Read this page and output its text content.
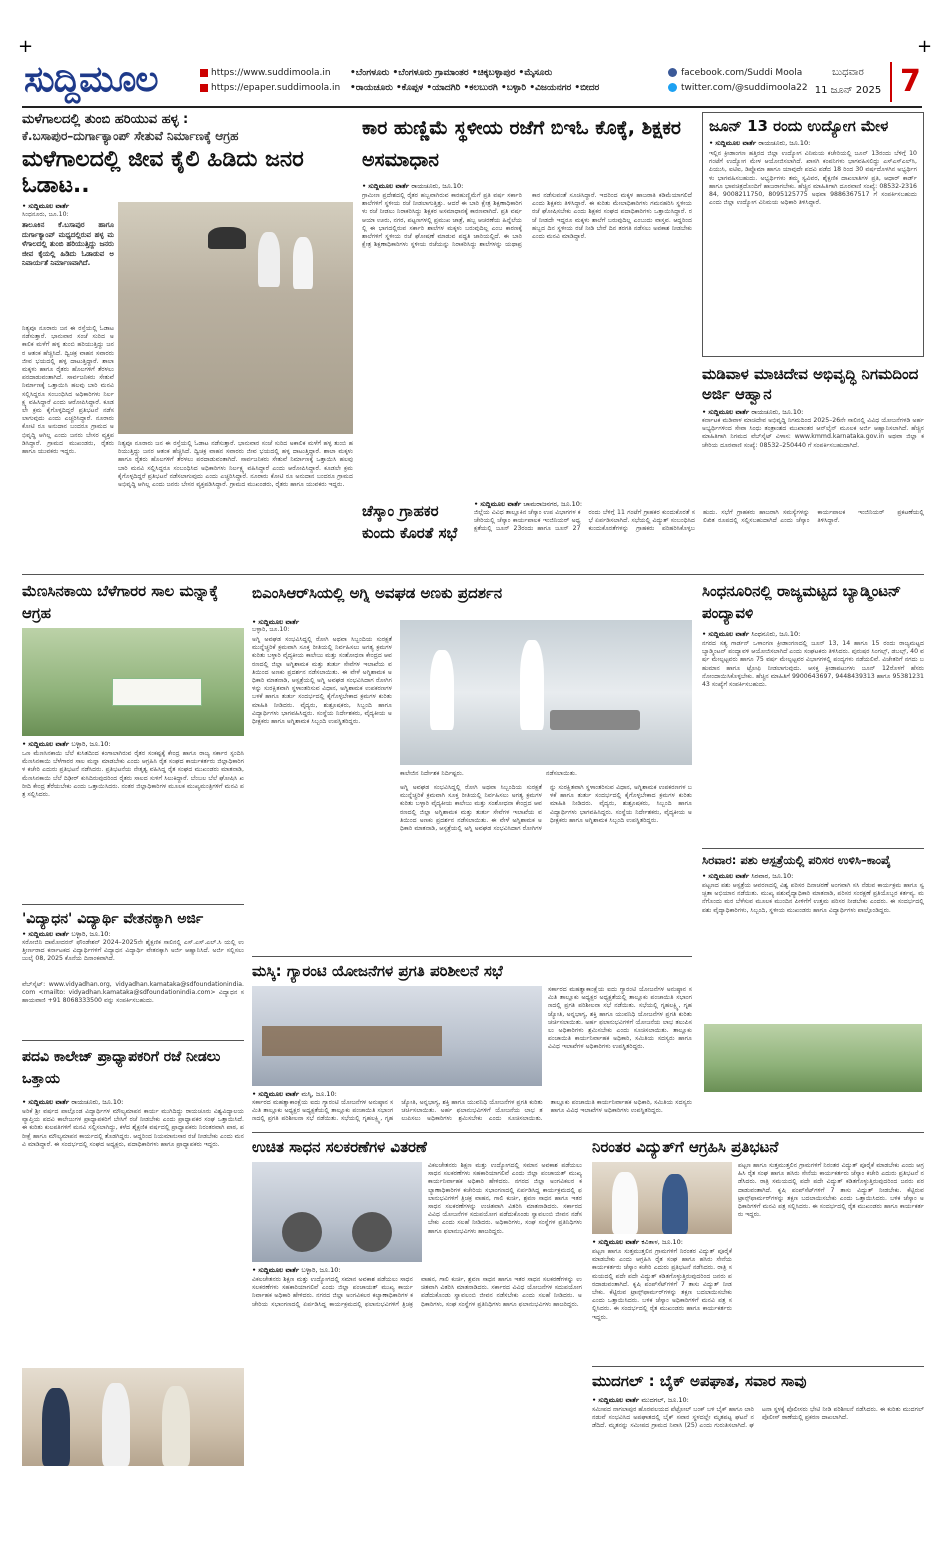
+	+
ಸುದ್ದಿಮೂಲ	https://www.suddimoola.in
https://epaper.suddimoola.in
•ಬೆಂಗಳೂರು •ಬೆಂಗಳೂರು ಗ್ರಾಮಾಂತರ •ಚಿಕ್ಕಬಳ್ಳಾಪುರ •ಮೈಸೂರು
•ರಾಯಚೂರು •ಕೊಪ್ಪಳ •ಯಾದಗಿರಿ •ಕಲಬುರಗಿ •ಬಳ್ಳಾರಿ •ವಿಜಯನಗರ •ಬೀದರ
facebook.com/Suddi Moola
twitter.com/@suddimoola22
ಬುಧವಾರ
11 ಜೂನ್ 2025 7
ಮಳೆಗಾಲದಲ್ಲಿ ತುಂಬಿ ಹರಿಯುವ ಹಳ್ಳ :
ಕೆ.ಬಸಾಪುರ–ದುರ್ಗಾಕ್ಯಾಂಪ್ ಸೇತುವೆ ನಿರ್ಮಾಣಕ್ಕೆ ಆಗ್ರಹ
ಮಳೆಗಾಲದಲ್ಲಿ ಜೀವ ಕೈಲಿ ಹಿಡಿದು ಜನರ ಓಡಾಟ..
• ಸುದ್ದಿಮೂಲ ವಾರ್ತೆ
ಸಿಂಧನೂರು, ಜೂ.10:
ತಾಲೂಕಿನ ಕೆ.ಬಸಾಪುರ ಹಾಗೂ ದುರ್ಗಾಕ್ಯಾಂಪ್ ಮಧ್ಯದಲ್ಲಿರುವ ಹಳ್ಳ ಮಳೆಗಾಲದಲ್ಲಿ ತುಂಬಿ ಹರಿಯುತ್ತಿದ್ದು ಜನರು ಜೀವ ಕೈಯಲ್ಲಿ ಹಿಡಿದು ಓಡಾಡುವ ಅನಿವಾರ್ಯತೆ ನಿರ್ಮಾಣವಾಗಿದೆ.
ನಿತ್ಯವೂ ನೂರಾರು ಜನ ಈ ರಸ್ತೆಯಲ್ಲಿ ಓಡಾಟ ನಡೆಸುತ್ತಾರೆ. ಭಾನುವಾರ ಸಂಜೆ ಸುರಿದ ಅಕಾಲಿಕ ಮಳೆಗೆ ಹಳ್ಳ ತುಂಬಿ ಹರಿಯುತ್ತಿದ್ದು ಜನರ ಆತಂಕ ಹೆಚ್ಚಿಸಿದೆ. ದ್ವಿಚಕ್ರ ವಾಹನ ಸವಾರರು ಜೀವ ಭಯದಲ್ಲಿ ಹಳ್ಳ ದಾಟುತ್ತಿದ್ದಾರೆ. ಶಾಲಾ ಮಕ್ಕಳು ಹಾಗೂ ರೈತರು ಹೊಲಗಳಿಗೆ ತೆರಳಲು ಪರದಾಡುವಂತಾಗಿದೆ. ಸಾರ್ವಜನಿಕರು ಸೇತುವೆ ನಿರ್ಮಾಣಕ್ಕೆ ಒತ್ತಾಯಿಸಿ ಹಲವು ಬಾರಿ ಮನವಿ ಸಲ್ಲಿಸಿದ್ದರೂ ಸಂಬಂಧಿಸಿದ ಅಧಿಕಾರಿಗಳು ನಿರ್ಲಕ್ಷ್ಯ ವಹಿಸಿದ್ದಾರೆ ಎಂದು ಆರೋಪಿಸಿದ್ದಾರೆ. ಕೂಡಲೇ ಕ್ರಮ ಕೈಗೊಳ್ಳದಿದ್ದರೆ ಪ್ರತಿಭಟನೆ ನಡೆಸಲಾಗುವುದು ಎಂದು ಎಚ್ಚರಿಸಿದ್ದಾರೆ. ನೂರಾರು ಕೋಟಿ ರೂ ಅನುದಾನ ಬಂದರೂ ಗ್ರಾಮದ ಅಭಿವೃದ್ಧಿ ಆಗಿಲ್ಲ ಎಂದು ಜನರು ಬೇಸರ ವ್ಯಕ್ತಪಡಿಸಿದ್ದಾರೆ. ಗ್ರಾಮದ ಮುಖಂಡರು, ರೈತರು ಹಾಗೂ ಯುವಕರು ಇದ್ದರು.
ನಿತ್ಯವೂ ನೂರಾರು ಜನ ಈ ರಸ್ತೆಯಲ್ಲಿ ಓಡಾಟ ನಡೆಸುತ್ತಾರೆ. ಭಾನುವಾರ ಸಂಜೆ ಸುರಿದ ಅಕಾಲಿಕ ಮಳೆಗೆ ಹಳ್ಳ ತುಂಬಿ ಹರಿಯುತ್ತಿದ್ದು ಜನರ ಆತಂಕ ಹೆಚ್ಚಿಸಿದೆ. ದ್ವಿಚಕ್ರ ವಾಹನ ಸವಾರರು ಜೀವ ಭಯದಲ್ಲಿ ಹಳ್ಳ ದಾಟುತ್ತಿದ್ದಾರೆ. ಶಾಲಾ ಮಕ್ಕಳು ಹಾಗೂ ರೈತರು ಹೊಲಗಳಿಗೆ ತೆರಳಲು ಪರದಾಡುವಂತಾಗಿದೆ. ಸಾರ್ವಜನಿಕರು ಸೇತುವೆ ನಿರ್ಮಾಣಕ್ಕೆ ಒತ್ತಾಯಿಸಿ ಹಲವು ಬಾರಿ ಮನವಿ ಸಲ್ಲಿಸಿದ್ದರೂ ಸಂಬಂಧಿಸಿದ ಅಧಿಕಾರಿಗಳು ನಿರ್ಲಕ್ಷ್ಯ ವಹಿಸಿದ್ದಾರೆ ಎಂದು ಆರೋಪಿಸಿದ್ದಾರೆ. ಕೂಡಲೇ ಕ್ರಮ ಕೈಗೊಳ್ಳದಿದ್ದರೆ ಪ್ರತಿಭಟನೆ ನಡೆಸಲಾಗುವುದು ಎಂದು ಎಚ್ಚರಿಸಿದ್ದಾರೆ. ನೂರಾರು ಕೋಟಿ ರೂ ಅನುದಾನ ಬಂದರೂ ಗ್ರಾಮದ ಅಭಿವೃದ್ಧಿ ಆಗಿಲ್ಲ ಎಂದು ಜನರು ಬೇಸರ ವ್ಯಕ್ತಪಡಿಸಿದ್ದಾರೆ. ಗ್ರಾಮದ ಮುಖಂಡರು, ರೈತರು ಹಾಗೂ ಯುವಕರು ಇದ್ದರು.
ಕಾರ ಹುಣ್ಣಿಮೆ ಸ್ಥಳೀಯ ರಜೆಗೆ ಬಿಇಓ ಕೊಕ್ಕೆ, ಶಿಕ್ಷಕರ ಅಸಮಾಧಾನ
• ಸುದ್ದಿಮೂಲ ವಾರ್ತೆ ರಾಯಚೂರು, ಜೂ.10:
ಗ್ರಾಮೀಣ ಪ್ರದೇಶದಲ್ಲಿ ರೈತರ ಹಬ್ಬವಾಗಿರುವ ಕಾರಹುಣ್ಣಿಮೆಗೆ ಪ್ರತಿ ವರ್ಷ ಸರ್ಕಾರಿ ಶಾಲೆಗಳಿಗೆ ಸ್ಥಳೀಯ ರಜೆ ನೀಡಲಾಗುತ್ತಿತ್ತು. ಆದರೆ ಈ ಬಾರಿ ಕ್ಷೇತ್ರ ಶಿಕ್ಷಣಾಧಿಕಾರಿಗಳು ರಜೆ ನೀಡಲು ನಿರಾಕರಿಸಿದ್ದು ಶಿಕ್ಷಕರ ಅಸಮಾಧಾನಕ್ಕೆ ಕಾರಣವಾಗಿದೆ. ಪ್ರತಿ ವರ್ಷ ಆಯಾ ಊರು, ನಗರ, ಪಟ್ಟಣಗಳಲ್ಲಿ ಪ್ರಮುಖ ಜಾತ್ರೆ, ಹಬ್ಬ ಆಚರಣೆಯ ಹಿನ್ನೆಲೆಯಲ್ಲಿ ಈ ಭಾಗದಲ್ಲಿರುವ ಸರ್ಕಾರಿ ಶಾಲೆಗಳ ಮಕ್ಕಳು ಬರುವುದಿಲ್ಲ ಎಂಬ ಕಾರಣಕ್ಕೆ ಶಾಲೆಗಳಿಗೆ ಸ್ಥಳೀಯ ರಜೆ ಘೋಷಣೆ ಮಾಡುವ ಪದ್ಧತಿ ಜಾರಿಯಲ್ಲಿದೆ. ಈ ಬಾರಿ ಕ್ಷೇತ್ರ ಶಿಕ್ಷಣಾಧಿಕಾರಿಗಳು ಸ್ಥಳೀಯ ರಜೆಯನ್ನು ನಿರಾಕರಿಸಿದ್ದು ಶಾಲೆಗಳನ್ನು ಯಥಾಪ್ರಕಾರ ನಡೆಸುವಂತೆ ಸೂಚಿಸಿದ್ದಾರೆ. ಇದರಿಂದ ಮಕ್ಕಳ ಹಾಜರಾತಿ ಕಡಿಮೆಯಾಗಲಿದೆ ಎಂದು ಶಿಕ್ಷಕರು ತಿಳಿಸಿದ್ದಾರೆ. ಈ ಕುರಿತು ಮೇಲಾಧಿಕಾರಿಗಳು ಗಮನಹರಿಸಿ ಸ್ಥಳೀಯ ರಜೆ ಘೋಷಿಸಬೇಕು ಎಂದು ಶಿಕ್ಷಕರ ಸಂಘದ ಪದಾಧಿಕಾರಿಗಳು ಒತ್ತಾಯಿಸಿದ್ದಾರೆ. ರಜೆ ನೀಡದೇ ಇದ್ದರೂ ಮಕ್ಕಳು ಶಾಲೆಗೆ ಬರುವುದಿಲ್ಲ ಎಂಬುದು ವಾಸ್ತವ. ಆದ್ದರಿಂದ ಹಬ್ಬದ ದಿನ ಸ್ಥಳೀಯ ರಜೆ ನೀಡಿ ಬೇರೆ ದಿನ ತರಗತಿ ನಡೆಸಲು ಅವಕಾಶ ನೀಡಬೇಕು ಎಂದು ಮನವಿ ಮಾಡಿದ್ದಾರೆ.
ಜೂನ್ 13 ರಂದು ಉದ್ಯೋಗ ಮೇಳ
• ಸುದ್ದಿಮೂಲ ವಾರ್ತೆ ರಾಯಚೂರು, ಜೂ.10:
ಇಲ್ಲಿನ ಕ್ರೀಡಾಂಗಣ ಹತ್ತಿರದ ಜಿಲ್ಲಾ ಉದ್ಯೋಗ ವಿನಿಮಯ ಕಚೇರಿಯಲ್ಲಿ ಜೂನ್ 13ರಂದು ಬೆಳಿಗ್ಗೆ 10 ಗಂಟೆಗೆ ಉದ್ಯೋಗ ಮೇಳ ಆಯೋಜಿಸಲಾಗಿದೆ. ಖಾಸಗಿ ಕಂಪನಿಗಳು ಭಾಗವಹಿಸಲಿದ್ದು ಎಸ್ಎಸ್ಎಲ್‌ಸಿ, ಪಿಯುಸಿ, ಐಟಿಐ, ಡಿಪ್ಲೊಮಾ ಹಾಗೂ ಯಾವುದೇ ಪದವಿ ಪಡೆದ 18 ರಿಂದ 30 ವರ್ಷದೊಳಗಿನ ಅಭ್ಯರ್ಥಿಗಳು ಭಾಗವಹಿಸಬಹುದು. ಅಭ್ಯರ್ಥಿಗಳು ತಮ್ಮ ಸ್ವವಿವರ, ಶೈಕ್ಷಣಿಕ ದಾಖಲಾತಿಗಳ ಪ್ರತಿ, ಆಧಾರ್ ಕಾರ್ಡ್ ಹಾಗೂ ಭಾವಚಿತ್ರದೊಂದಿಗೆ ಹಾಜರಾಗಬೇಕು. ಹೆಚ್ಚಿನ ಮಾಹಿತಿಗಾಗಿ ದೂರವಾಣಿ ಸಂಖ್ಯೆ: 08532-231684, 9008211750, 8095125775 ಅಥವಾ 9886367517 ಗೆ ಸಂಪರ್ಕಿಸಬಹುದು ಎಂದು ಜಿಲ್ಲಾ ಉದ್ಯೋಗ ವಿನಿಮಯ ಅಧಿಕಾರಿ ತಿಳಿಸಿದ್ದಾರೆ.
ಮಡಿವಾಳ ಮಾಚಿದೇವ ಅಭಿವೃದ್ಧಿ ನಿಗಮದಿಂದ ಅರ್ಜಿ ಆಹ್ವಾನ
• ಸುದ್ದಿಮೂಲ ವಾರ್ತೆ ರಾಯಚೂರು, ಜೂ.10:
ಕರ್ನಾಟಕ ಮಡಿವಾಳ ಮಾಚಿದೇವ ಅಭಿವೃದ್ಧಿ ನಿಗಮದಿಂದ 2025–26ನೇ ಸಾಲಿನಲ್ಲಿ ವಿವಿಧ ಯೋಜನೆಗಳಡಿ ಅರ್ಹ ಅಭ್ಯರ್ಥಿಗಳಿಂದ ಸೇವಾ ಸಿಂಧು ತಂತ್ರಾಂಶದ ಮುಖಾಂತರ ಆನ್‌ಲೈನ್ ಮೂಲಕ ಅರ್ಜಿ ಆಹ್ವಾನಿಸಲಾಗಿದೆ. ಹೆಚ್ಚಿನ ಮಾಹಿತಿಗಾಗಿ ನಿಗಮದ ವೆಬ್‌ಸೈಟ್ ವಿಳಾಸ: www.kmmd.karnataka.gov.in ಅಥವಾ ಜಿಲ್ಲಾ ಕಚೇರಿಯ ದೂರವಾಣಿ ಸಂಖ್ಯೆ: 08532–250440 ಗೆ ಸಂಪರ್ಕಿಸಬಹುದಾಗಿದೆ.
ಚೆಸ್ಕಾಂ ಗ್ರಾಹಕರ ಕುಂದು ಕೊರತೆ ಸಭೆ
• ಸುದ್ದಿಮೂಲ ವಾರ್ತೆ ಚಾಮರಾಜನಗರ, ಜೂ.10:
ಜಿಲ್ಲೆಯ ವಿವಿಧ ತಾಲ್ಲೂಕಿನ ಚೆಸ್ಕಾಂ ಉಪ ವಿಭಾಗಗಳ ಕಚೇರಿಯಲ್ಲಿ ಚೆಸ್ಕಾಂ ಕಾರ್ಯಪಾಲಕ ಇಂಜಿನಿಯರ್ ಅಧ್ಯಕ್ಷತೆಯಲ್ಲಿ ಜೂನ್ 23ರಂದು ಹಾಗೂ ಜೂನ್ 27ರಂದು ಬೆಳಿಗ್ಗೆ 11 ಗಂಟೆಗೆ ಗ್ರಾಹಕರ ಕುಂದುಕೊರತೆ ಸಭೆ ಏರ್ಪಡಿಸಲಾಗಿದೆ. ಸಭೆಯಲ್ಲಿ ವಿದ್ಯುತ್ ಸಂಬಂಧಿಸಿದ ಕುಂದುಕೊರತೆಗಳನ್ನು ಗ್ರಾಹಕರು ಪರಿಹರಿಸಿಕೊಳ್ಳಬಹುದು. ಸಭೆಗೆ ಗ್ರಾಹಕರು ಹಾಜರಾಗಿ ಸಮಸ್ಯೆಗಳನ್ನು ಲಿಖಿತ ರೂಪದಲ್ಲಿ ಸಲ್ಲಿಸಬಹುದಾಗಿದೆ ಎಂದು ಚೆಸ್ಕಾಂ ಕಾರ್ಯಪಾಲಕ ಇಂಜಿನಿಯರ್ ಪ್ರಕಟಣೆಯಲ್ಲಿ ತಿಳಿಸಿದ್ದಾರೆ.
ಮೆಣಸಿನಕಾಯಿ ಬೆಳೆಗಾರರ ಸಾಲ ಮನ್ನಾಕ್ಕೆ ಆಗ್ರಹ
• ಸುದ್ದಿಮೂಲ ವಾರ್ತೆ ಬಳ್ಳಾರಿ, ಜೂ.10:
ಒಣ ಮೆಣಸಿನಕಾಯಿ ಬೆಲೆ ಕುಸಿತದಿಂದ ಕಂಗಾಲಾಗಿರುವ ರೈತರ ಸಂಕಷ್ಟಕ್ಕೆ ಕೇಂದ್ರ ಹಾಗೂ ರಾಜ್ಯ ಸರ್ಕಾರ ಸ್ಪಂದಿಸಿ ಮೆಣಸಿನಕಾಯಿ ಬೆಳೆಗಾರರ ಸಾಲ ಮನ್ನಾ ಮಾಡಬೇಕು ಎಂದು ಆಗ್ರಹಿಸಿ ರೈತ ಸಂಘದ ಕಾರ್ಯಕರ್ತರು ಜಿಲ್ಲಾಧಿಕಾರಿಗಳ ಕಚೇರಿ ಎದುರು ಪ್ರತಿಭಟನೆ ನಡೆಸಿದರು. ಪ್ರತಿಭಟನೆಯ ನೇತೃತ್ವ ವಹಿಸಿದ್ದ ರೈತ ಸಂಘದ ಮುಖಂಡರು ಮಾತನಾಡಿ, ಮೆಣಸಿನಕಾಯಿ ಬೆಲೆ ದಿಢೀರ್ ಕುಸಿದಿರುವುದರಿಂದ ರೈತರು ಸಾಲದ ಸುಳಿಗೆ ಸಿಲುಕಿದ್ದಾರೆ. ಬೆಂಬಲ ಬೆಲೆ ಘೋಷಿಸಿ ಖರೀದಿ ಕೇಂದ್ರ ತೆರೆಯಬೇಕು ಎಂದು ಒತ್ತಾಯಿಸಿದರು. ನಂತರ ಜಿಲ್ಲಾಧಿಕಾರಿಗಳ ಮೂಲಕ ಮುಖ್ಯಮಂತ್ರಿಗಳಿಗೆ ಮನವಿ ಪತ್ರ ಸಲ್ಲಿಸಿದರು.
ಬಿಎಂಸಿಆರ್‌ಸಿಯಲ್ಲಿ ಅಗ್ನಿ ಅವಘಡ ಅಣಕು ಪ್ರದರ್ಶನ
• ಸುದ್ದಿಮೂಲ ವಾರ್ತೆ
ಬಳ್ಳಾರಿ, ಜೂ.10:
ಅಗ್ನಿ ಅವಘಡ ಸಂಭವಿಸಿದ್ದಲ್ಲಿ ರೋಗಿ ಅಥವಾ ಸಿಬ್ಬಂದಿಯ ಸುರಕ್ಷತೆ ಮುನ್ನೆಚ್ಚರಿಕೆ ಕ್ರಮವಾಗಿ ಸೂಕ್ತ ರೀತಿಯಲ್ಲಿ ನಿರ್ವಹಿಸಲು ಅಗತ್ಯ ಕ್ರಮಗಳ ಕುರಿತು ಬಳ್ಳಾರಿ ವೈದ್ಯಕೀಯ ಕಾಲೇಜು ಮತ್ತು ಸಂಶೋಧನಾ ಕೇಂದ್ರದ ಆವರಣದಲ್ಲಿ ಜಿಲ್ಲಾ ಅಗ್ನಿಶಾಮಕ ಮತ್ತು ತುರ್ತು ಸೇವೆಗಳ ಇಲಾಖೆಯ ವತಿಯಿಂದ ಅಣಕು ಪ್ರದರ್ಶನ ನಡೆಸಲಾಯಿತು. ಈ ವೇಳೆ ಅಗ್ನಿಶಾಮಕ ಅಧಿಕಾರಿ ಮಾತನಾಡಿ, ಆಸ್ಪತ್ರೆಯಲ್ಲಿ ಅಗ್ನಿ ಅವಘಡ ಸಂಭವಿಸಿದಾಗ ರೋಗಿಗಳನ್ನು ಸುರಕ್ಷಿತವಾಗಿ ಸ್ಥಳಾಂತರಿಸುವ ವಿಧಾನ, ಅಗ್ನಿಶಾಮಕ ಉಪಕರಣಗಳ ಬಳಕೆ ಹಾಗೂ ತುರ್ತು ಸಂದರ್ಭದಲ್ಲಿ ಕೈಗೊಳ್ಳಬೇಕಾದ ಕ್ರಮಗಳ ಕುರಿತು ಮಾಹಿತಿ ನೀಡಿದರು. ವೈದ್ಯರು, ಶುಶ್ರೂಷಕರು, ಸಿಬ್ಬಂದಿ ಹಾಗೂ ವಿದ್ಯಾರ್ಥಿಗಳು ಭಾಗವಹಿಸಿದ್ದರು. ಸಂಸ್ಥೆಯ ನಿರ್ದೇಶಕರು, ವೈದ್ಯಕೀಯ ಅಧೀಕ್ಷಕರು ಹಾಗೂ ಅಗ್ನಿಶಾಮಕ ಸಿಬ್ಬಂದಿ ಉಪಸ್ಥಿತರಿದ್ದರು.
ಕಾಲೇಜಿನ ನಿರ್ದೇಶಕ ನಿರ್ದಿಷ್ಟರು.	ನಡೆಸಲಾಯಿತು.
ಅಗ್ನಿ ಅವಘಡ ಸಂಭವಿಸಿದ್ದಲ್ಲಿ ರೋಗಿ ಅಥವಾ ಸಿಬ್ಬಂದಿಯ ಸುರಕ್ಷತೆ ಮುನ್ನೆಚ್ಚರಿಕೆ ಕ್ರಮವಾಗಿ ಸೂಕ್ತ ರೀತಿಯಲ್ಲಿ ನಿರ್ವಹಿಸಲು ಅಗತ್ಯ ಕ್ರಮಗಳ ಕುರಿತು ಬಳ್ಳಾರಿ ವೈದ್ಯಕೀಯ ಕಾಲೇಜು ಮತ್ತು ಸಂಶೋಧನಾ ಕೇಂದ್ರದ ಆವರಣದಲ್ಲಿ ಜಿಲ್ಲಾ ಅಗ್ನಿಶಾಮಕ ಮತ್ತು ತುರ್ತು ಸೇವೆಗಳ ಇಲಾಖೆಯ ವತಿಯಿಂದ ಅಣಕು ಪ್ರದರ್ಶನ ನಡೆಸಲಾಯಿತು. ಈ ವೇಳೆ ಅಗ್ನಿಶಾಮಕ ಅಧಿಕಾರಿ ಮಾತನಾಡಿ, ಆಸ್ಪತ್ರೆಯಲ್ಲಿ ಅಗ್ನಿ ಅವಘಡ ಸಂಭವಿಸಿದಾಗ ರೋಗಿಗಳನ್ನು ಸುರಕ್ಷಿತವಾಗಿ ಸ್ಥಳಾಂತರಿಸುವ ವಿಧಾನ, ಅಗ್ನಿಶಾಮಕ ಉಪಕರಣಗಳ ಬಳಕೆ ಹಾಗೂ ತುರ್ತು ಸಂದರ್ಭದಲ್ಲಿ ಕೈಗೊಳ್ಳಬೇಕಾದ ಕ್ರಮಗಳ ಕುರಿತು ಮಾಹಿತಿ ನೀಡಿದರು. ವೈದ್ಯರು, ಶುಶ್ರೂಷಕರು, ಸಿಬ್ಬಂದಿ ಹಾಗೂ ವಿದ್ಯಾರ್ಥಿಗಳು ಭಾಗವಹಿಸಿದ್ದರು. ಸಂಸ್ಥೆಯ ನಿರ್ದೇಶಕರು, ವೈದ್ಯಕೀಯ ಅಧೀಕ್ಷಕರು ಹಾಗೂ ಅಗ್ನಿಶಾಮಕ ಸಿಬ್ಬಂದಿ ಉಪಸ್ಥಿತರಿದ್ದರು.
ಸಿಂಧನೂರಿನಲ್ಲಿ ರಾಜ್ಯಮಟ್ಟದ ಬ್ಯಾಡ್ಮಿಂಟನ್ ಪಂದ್ಯಾವಳಿ
• ಸುದ್ದಿಮೂಲ ವಾರ್ತೆ ಸಿಂಧನೂರು, ಜೂ.10:
ನಗರದ ಸತ್ಯ ಗಾರ್ಡನ್ ಒಳಾಂಗಣ ಕ್ರೀಡಾಂಗಣದಲ್ಲಿ ಜೂನ್ 13, 14 ಹಾಗೂ 15 ರಂದು ರಾಜ್ಯಮಟ್ಟದ ಬ್ಯಾಡ್ಮಿಂಟನ್ ಪಂದ್ಯಾವಳಿ ಆಯೋಜಿಸಲಾಗಿದೆ ಎಂದು ಸಂಘಟಕರು ತಿಳಿಸಿದರು. ಪುರುಷರ ಸಿಂಗಲ್ಸ್, ಡಬಲ್ಸ್, 40 ವರ್ಷ ಮೇಲ್ಪಟ್ಟವರು ಹಾಗೂ 75 ವರ್ಷ ಮೇಲ್ಪಟ್ಟವರ ವಿಭಾಗಗಳಲ್ಲಿ ಪಂದ್ಯಗಳು ನಡೆಯಲಿವೆ. ವಿಜೇತರಿಗೆ ನಗದು ಬಹುಮಾನ ಹಾಗೂ ಟ್ರೋಫಿ ನೀಡಲಾಗುವುದು. ಆಸಕ್ತ ಕ್ರೀಡಾಪಟುಗಳು ಜೂನ್ 12ರೊಳಗೆ ಹೆಸರು ನೋಂದಾಯಿಸಿಕೊಳ್ಳಬೇಕು. ಹೆಚ್ಚಿನ ಮಾಹಿತಿಗೆ 9900643697, 9448439313 ಹಾಗೂ 9538123143 ಸಂಖ್ಯೆಗೆ ಸಂಪರ್ಕಿಸಬಹುದು.
ಸಿರವಾರ: ಪಶು ಆಸ್ಪತ್ರೆಯಲ್ಲಿ ಪರಿಸರ ಉಳಿಸಿ–ಕಾಂಪೈ
• ಸುದ್ದಿಮೂಲ ವಾರ್ತೆ ಸಿರವಾರ, ಜೂ.10:
ಪಟ್ಟಣದ ಪಶು ಆಸ್ಪತ್ರೆಯ ಆವರಣದಲ್ಲಿ ವಿಶ್ವ ಪರಿಸರ ದಿನಾಚರಣೆ ಅಂಗವಾಗಿ ಸಸಿ ನೆಡುವ ಕಾರ್ಯಕ್ರಮ ಹಾಗೂ ಸ್ವಚ್ಛತಾ ಅಭಿಯಾನ ನಡೆಯಿತು. ಮುಖ್ಯ ಪಶುವೈದ್ಯಾಧಿಕಾರಿ ಮಾತನಾಡಿ, ಪರಿಸರ ಸಂರಕ್ಷಣೆ ಪ್ರತಿಯೊಬ್ಬರ ಕರ್ತವ್ಯ. ಮನೆಗೊಂದು ಮರ ಬೆಳೆಸುವ ಮೂಲಕ ಮುಂದಿನ ಪೀಳಿಗೆಗೆ ಉತ್ತಮ ಪರಿಸರ ನೀಡಬೇಕು ಎಂದರು. ಈ ಸಂದರ್ಭದಲ್ಲಿ ಪಶು ವೈದ್ಯಾಧಿಕಾರಿಗಳು, ಸಿಬ್ಬಂದಿ, ಸ್ಥಳೀಯ ಮುಖಂಡರು ಹಾಗೂ ವಿದ್ಯಾರ್ಥಿಗಳು ಪಾಲ್ಗೊಂಡಿದ್ದರು.
'ವಿದ್ಯಾಧನ' ವಿದ್ಯಾರ್ಥಿ ವೇತನಕ್ಕಾಗಿ ಅರ್ಜಿ
• ಸುದ್ದಿಮೂಲ ವಾರ್ತೆ ಬಳ್ಳಾರಿ, ಜೂ.10:
ಸರೋಜಿನಿ ದಾಮೋದರನ್ ಫೌಂಡೇಶನ್ 2024–2025ನೇ ಶೈಕ್ಷಣಿಕ ಸಾಲಿನಲ್ಲಿ ಎಸ್.ಎಸ್.ಎಲ್.ಸಿ ಯಲ್ಲಿ ಉತ್ತೀರ್ಣರಾದ ಕರ್ನಾಟಕದ ವಿದ್ಯಾರ್ಥಿಗಳಿಗೆ ವಿದ್ಯಾಧನ ವಿದ್ಯಾರ್ಥಿ ವೇತನಕ್ಕಾಗಿ ಅರ್ಜಿ ಆಹ್ವಾನಿಸಿದೆ. ಅರ್ಜಿ ಸಲ್ಲಿಸಲು ಜುಲೈ 08, 2025 ಕೊನೆಯ ದಿನಾಂಕವಾಗಿದೆ.
ವೆಬ್‌ಸೈಟ್: www.vidyadhan.org, vidyadhan.kamataka@sdfoundationindia.com <mailto: vidyadhan.kamataka@sdfoundationindia.com> ವಿದ್ಯಾಧನ ಸಹಾಯವಾಣಿ +91 8068333500 ವನ್ನು ಸಂಪರ್ಕಿಸಬಹುದು.
ಮಸ್ಕಿ: ಗ್ಯಾರಂಟಿ ಯೋಜನೆಗಳ ಪ್ರಗತಿ ಪರಿಶೀಲನೆ ಸಭೆ
ಸರ್ಕಾರದ ಮಹತ್ವಾಕಾಂಕ್ಷೆಯ ಐದು ಗ್ಯಾರಂಟಿ ಯೋಜನೆಗಳ ಅನುಷ್ಠಾನ ಸಮಿತಿ ತಾಲ್ಲೂಕು ಅಧ್ಯಕ್ಷರ ಅಧ್ಯಕ್ಷತೆಯಲ್ಲಿ ತಾಲ್ಲೂಕು ಪಂಚಾಯಿತಿ ಸಭಾಂಗಣದಲ್ಲಿ ಪ್ರಗತಿ ಪರಿಶೀಲನಾ ಸಭೆ ನಡೆಯಿತು. ಸಭೆಯಲ್ಲಿ ಗೃಹಲಕ್ಷ್ಮಿ, ಗೃಹಜ್ಯೋತಿ, ಅನ್ನಭಾಗ್ಯ, ಶಕ್ತಿ ಹಾಗೂ ಯುವನಿಧಿ ಯೋಜನೆಗಳ ಪ್ರಗತಿ ಕುರಿತು ಚರ್ಚಿಸಲಾಯಿತು. ಅರ್ಹ ಫಲಾನುಭವಿಗಳಿಗೆ ಯೋಜನೆಯ ಲಾಭ ತಲುಪಿಸಲು ಅಧಿಕಾರಿಗಳು ಶ್ರಮಿಸಬೇಕು ಎಂದು ಸೂಚಿಸಲಾಯಿತು. ತಾಲ್ಲೂಕು ಪಂಚಾಯಿತಿ ಕಾರ್ಯನಿರ್ವಾಹಕ ಅಧಿಕಾರಿ, ಸಮಿತಿಯ ಸದಸ್ಯರು ಹಾಗೂ ವಿವಿಧ ಇಲಾಖೆಗಳ ಅಧಿಕಾರಿಗಳು ಉಪಸ್ಥಿತರಿದ್ದರು.
• ಸುದ್ದಿಮೂಲ ವಾರ್ತೆ ಮಸ್ಕಿ, ಜೂ.10:
ಸರ್ಕಾರದ ಮಹತ್ವಾಕಾಂಕ್ಷೆಯ ಐದು ಗ್ಯಾರಂಟಿ ಯೋಜನೆಗಳ ಅನುಷ್ಠಾನ ಸಮಿತಿ ತಾಲ್ಲೂಕು ಅಧ್ಯಕ್ಷರ ಅಧ್ಯಕ್ಷತೆಯಲ್ಲಿ ತಾಲ್ಲೂಕು ಪಂಚಾಯಿತಿ ಸಭಾಂಗಣದಲ್ಲಿ ಪ್ರಗತಿ ಪರಿಶೀಲನಾ ಸಭೆ ನಡೆಯಿತು. ಸಭೆಯಲ್ಲಿ ಗೃಹಲಕ್ಷ್ಮಿ, ಗೃಹಜ್ಯೋತಿ, ಅನ್ನಭಾಗ್ಯ, ಶಕ್ತಿ ಹಾಗೂ ಯುವನಿಧಿ ಯೋಜನೆಗಳ ಪ್ರಗತಿ ಕುರಿತು ಚರ್ಚಿಸಲಾಯಿತು. ಅರ್ಹ ಫಲಾನುಭವಿಗಳಿಗೆ ಯೋಜನೆಯ ಲಾಭ ತಲುಪಿಸಲು ಅಧಿಕಾರಿಗಳು ಶ್ರಮಿಸಬೇಕು ಎಂದು ಸೂಚಿಸಲಾಯಿತು. ತಾಲ್ಲೂಕು ಪಂಚಾಯಿತಿ ಕಾರ್ಯನಿರ್ವಾಹಕ ಅಧಿಕಾರಿ, ಸಮಿತಿಯ ಸದಸ್ಯರು ಹಾಗೂ ವಿವಿಧ ಇಲಾಖೆಗಳ ಅಧಿಕಾರಿಗಳು ಉಪಸ್ಥಿತರಿದ್ದರು.
ಪದವಿ ಕಾಲೇಜ್ ಪ್ರಾಧ್ಯಾಪಕರಿಗೆ ರಜೆ ನೀಡಲು ಒತ್ತಾಯ
• ಸುದ್ದಿಮೂಲ ವಾರ್ತೆ ರಾಯಚೂರು, ಜೂ.10:
ಅರಿಕೆ ಶ್ರೀ ವರ್ಷದ ಪಾಲ್ಗೊಂಡ ವಿದ್ಯಾರ್ಥಿಗಳ ಮೌಲ್ಯಮಾಪನ ಕಾರ್ಯ ಮುಗಿದಿದ್ದು ರಾಯಚೂರು ವಿಶ್ವವಿದ್ಯಾಲಯ ವ್ಯಾಪ್ತಿಯ ಪದವಿ ಕಾಲೇಜುಗಳ ಪ್ರಾಧ್ಯಾಪಕರಿಗೆ ಬೇಸಿಗೆ ರಜೆ ನೀಡಬೇಕು ಎಂದು ಪ್ರಾಧ್ಯಾಪಕರ ಸಂಘ ಒತ್ತಾಯಿಸಿದೆ. ಈ ಕುರಿತು ಕುಲಪತಿಗಳಿಗೆ ಮನವಿ ಸಲ್ಲಿಸಲಾಗಿದ್ದು, ಕಳೆದ ಶೈಕ್ಷಣಿಕ ವರ್ಷದಲ್ಲಿ ಪ್ರಾಧ್ಯಾಪಕರು ನಿರಂತರವಾಗಿ ಪಾಠ, ಪರೀಕ್ಷೆ ಹಾಗೂ ಮೌಲ್ಯಮಾಪನ ಕಾರ್ಯದಲ್ಲಿ ತೊಡಗಿದ್ದರು. ಆದ್ದರಿಂದ ನಿಯಮಾನುಸಾರ ರಜೆ ನೀಡಬೇಕು ಎಂದು ಮನವಿ ಮಾಡಿದ್ದಾರೆ. ಈ ಸಂದರ್ಭದಲ್ಲಿ ಸಂಘದ ಅಧ್ಯಕ್ಷರು, ಪದಾಧಿಕಾರಿಗಳು ಹಾಗೂ ಪ್ರಾಧ್ಯಾಪಕರು ಇದ್ದರು.	ಉಚಿತ ಸಾಧನ ಸಲಕರಣೆಗಳ ವಿತರಣೆ
ವಿಕಲಚೇತನರು ಶಿಕ್ಷಣ ಮತ್ತು ಉದ್ಯೋಗದಲ್ಲಿ ಸಮಾನ ಅವಕಾಶ ಪಡೆಯಲು ಸಾಧನ ಸಲಕರಣೆಗಳು ಸಹಕಾರಿಯಾಗಲಿವೆ ಎಂದು ಜಿಲ್ಲಾ ಪಂಚಾಯತ್ ಮುಖ್ಯ ಕಾರ್ಯನಿರ್ವಾಹಕ ಅಧಿಕಾರಿ ಹೇಳಿದರು. ನಗರದ ಜಿಲ್ಲಾ ಅಂಗವಿಕಲರ ಕಲ್ಯಾಣಾಧಿಕಾರಿಗಳ ಕಚೇರಿಯ ಸಭಾಂಗಣದಲ್ಲಿ ಏರ್ಪಡಿಸಿದ್ದ ಕಾರ್ಯಕ್ರಮದಲ್ಲಿ ಫಲಾನುಭವಿಗಳಿಗೆ ತ್ರಿಚಕ್ರ ವಾಹನ, ಗಾಲಿ ಕುರ್ಚಿ, ಶ್ರವಣ ಸಾಧನ ಹಾಗೂ ಇತರ ಸಾಧನ ಸಲಕರಣೆಗಳನ್ನು ಉಚಿತವಾಗಿ ವಿತರಿಸಿ ಮಾತನಾಡಿದರು. ಸರ್ಕಾರದ ವಿವಿಧ ಯೋಜನೆಗಳ ಸದುಪಯೋಗ ಪಡೆದುಕೊಂಡು ಸ್ವಾವಲಂಬಿ ಜೀವನ ನಡೆಸಬೇಕು ಎಂದು ಸಲಹೆ ನೀಡಿದರು. ಅಧಿಕಾರಿಗಳು, ಸಂಘ ಸಂಸ್ಥೆಗಳ ಪ್ರತಿನಿಧಿಗಳು ಹಾಗೂ ಫಲಾನುಭವಿಗಳು ಹಾಜರಿದ್ದರು.
• ಸುದ್ದಿಮೂಲ ವಾರ್ತೆ ಬಳ್ಳಾರಿ, ಜೂ.10:
ವಿಕಲಚೇತನರು ಶಿಕ್ಷಣ ಮತ್ತು ಉದ್ಯೋಗದಲ್ಲಿ ಸಮಾನ ಅವಕಾಶ ಪಡೆಯಲು ಸಾಧನ ಸಲಕರಣೆಗಳು ಸಹಕಾರಿಯಾಗಲಿವೆ ಎಂದು ಜಿಲ್ಲಾ ಪಂಚಾಯತ್ ಮುಖ್ಯ ಕಾರ್ಯನಿರ್ವಾಹಕ ಅಧಿಕಾರಿ ಹೇಳಿದರು. ನಗರದ ಜಿಲ್ಲಾ ಅಂಗವಿಕಲರ ಕಲ್ಯಾಣಾಧಿಕಾರಿಗಳ ಕಚೇರಿಯ ಸಭಾಂಗಣದಲ್ಲಿ ಏರ್ಪಡಿಸಿದ್ದ ಕಾರ್ಯಕ್ರಮದಲ್ಲಿ ಫಲಾನುಭವಿಗಳಿಗೆ ತ್ರಿಚಕ್ರ ವಾಹನ, ಗಾಲಿ ಕುರ್ಚಿ, ಶ್ರವಣ ಸಾಧನ ಹಾಗೂ ಇತರ ಸಾಧನ ಸಲಕರಣೆಗಳನ್ನು ಉಚಿತವಾಗಿ ವಿತರಿಸಿ ಮಾತನಾಡಿದರು. ಸರ್ಕಾರದ ವಿವಿಧ ಯೋಜನೆಗಳ ಸದುಪಯೋಗ ಪಡೆದುಕೊಂಡು ಸ್ವಾವಲಂಬಿ ಜೀವನ ನಡೆಸಬೇಕು ಎಂದು ಸಲಹೆ ನೀಡಿದರು. ಅಧಿಕಾರಿಗಳು, ಸಂಘ ಸಂಸ್ಥೆಗಳ ಪ್ರತಿನಿಧಿಗಳು ಹಾಗೂ ಫಲಾನುಭವಿಗಳು ಹಾಜರಿದ್ದರು.
ನಿರಂತರ ವಿದ್ಯುತ್‌ಗೆ ಆಗ್ರಹಿಸಿ ಪ್ರತಿಭಟನೆ
ಪಟ್ಟಣ ಹಾಗೂ ಸುತ್ತಮುತ್ತಲಿನ ಗ್ರಾಮಗಳಿಗೆ ನಿರಂತರ ವಿದ್ಯುತ್ ಪೂರೈಕೆ ಮಾಡಬೇಕು ಎಂದು ಆಗ್ರಹಿಸಿ ರೈತ ಸಂಘ ಹಾಗೂ ಹಸಿರು ಸೇನೆಯ ಕಾರ್ಯಕರ್ತರು ಜೆಸ್ಕಾಂ ಕಚೇರಿ ಎದುರು ಪ್ರತಿಭಟನೆ ನಡೆಸಿದರು. ರಾತ್ರಿ ಸಮಯದಲ್ಲಿ ಪದೇ ಪದೇ ವಿದ್ಯುತ್ ಕಡಿತಗೊಳ್ಳುತ್ತಿರುವುದರಿಂದ ಜನರು ಪರದಾಡುವಂತಾಗಿದೆ. ಕೃಷಿ ಪಂಪ್‌ಸೆಟ್‌ಗಳಿಗೆ 7 ತಾಸು ವಿದ್ಯುತ್ ನೀಡಬೇಕು. ಕೆಟ್ಟಿರುವ ಟ್ರಾನ್ಸ್‌ಫಾರ್ಮರ್‌ಗಳನ್ನು ತಕ್ಷಣ ಬದಲಾಯಿಸಬೇಕು ಎಂದು ಒತ್ತಾಯಿಸಿದರು. ಬಳಿಕ ಜೆಸ್ಕಾಂ ಅಧಿಕಾರಿಗಳಿಗೆ ಮನವಿ ಪತ್ರ ಸಲ್ಲಿಸಿದರು. ಈ ಸಂದರ್ಭದಲ್ಲಿ ರೈತ ಮುಖಂಡರು ಹಾಗೂ ಕಾರ್ಯಕರ್ತರು ಇದ್ದರು.
• ಸುದ್ದಿಮೂಲ ವಾರ್ತೆ ಕವಿತಾಳ, ಜೂ.10:
ಪಟ್ಟಣ ಹಾಗೂ ಸುತ್ತಮುತ್ತಲಿನ ಗ್ರಾಮಗಳಿಗೆ ನಿರಂತರ ವಿದ್ಯುತ್ ಪೂರೈಕೆ ಮಾಡಬೇಕು ಎಂದು ಆಗ್ರಹಿಸಿ ರೈತ ಸಂಘ ಹಾಗೂ ಹಸಿರು ಸೇನೆಯ ಕಾರ್ಯಕರ್ತರು ಜೆಸ್ಕಾಂ ಕಚೇರಿ ಎದುರು ಪ್ರತಿಭಟನೆ ನಡೆಸಿದರು. ರಾತ್ರಿ ಸಮಯದಲ್ಲಿ ಪದೇ ಪದೇ ವಿದ್ಯುತ್ ಕಡಿತಗೊಳ್ಳುತ್ತಿರುವುದರಿಂದ ಜನರು ಪರದಾಡುವಂತಾಗಿದೆ. ಕೃಷಿ ಪಂಪ್‌ಸೆಟ್‌ಗಳಿಗೆ 7 ತಾಸು ವಿದ್ಯುತ್ ನೀಡಬೇಕು. ಕೆಟ್ಟಿರುವ ಟ್ರಾನ್ಸ್‌ಫಾರ್ಮರ್‌ಗಳನ್ನು ತಕ್ಷಣ ಬದಲಾಯಿಸಬೇಕು ಎಂದು ಒತ್ತಾಯಿಸಿದರು. ಬಳಿಕ ಜೆಸ್ಕಾಂ ಅಧಿಕಾರಿಗಳಿಗೆ ಮನವಿ ಪತ್ರ ಸಲ್ಲಿಸಿದರು. ಈ ಸಂದರ್ಭದಲ್ಲಿ ರೈತ ಮುಖಂಡರು ಹಾಗೂ ಕಾರ್ಯಕರ್ತರು ಇದ್ದರು.
ಮುದಗಲ್ : ಬೈಕ್ ಅಪಘಾತ, ಸವಾರ ಸಾವು
• ಸುದ್ದಿಮೂಲ ವಾರ್ತೆ ಮುದಗಲ್, ಜೂ.10:
ಸಮೀಪದ ನಾಗಲಾಪುರ ಹೊರವಲಯದ ಪೆಟ್ರೋಲ್ ಬಂಕ್ ಬಳಿ ಬೈಕ್ ಹಾಗೂ ಲಾರಿ ನಡುವೆ ಸಂಭವಿಸಿದ ಅಪಘಾತದಲ್ಲಿ ಬೈಕ್ ಸವಾರ ಸ್ಥಳದಲ್ಲೇ ಮೃತಪಟ್ಟ ಘಟನೆ ನಡೆದಿದೆ. ಮೃತನನ್ನು ಸಮೀಪದ ಗ್ರಾಮದ ನಿವಾಸಿ (25) ಎಂದು ಗುರುತಿಸಲಾಗಿದೆ. ಘಟನಾ ಸ್ಥಳಕ್ಕೆ ಪೊಲೀಸರು ಭೇಟಿ ನೀಡಿ ಪರಿಶೀಲನೆ ನಡೆಸಿದರು. ಈ ಕುರಿತು ಮುದಗಲ್ ಪೊಲೀಸ್ ಠಾಣೆಯಲ್ಲಿ ಪ್ರಕರಣ ದಾಖಲಾಗಿದೆ.
